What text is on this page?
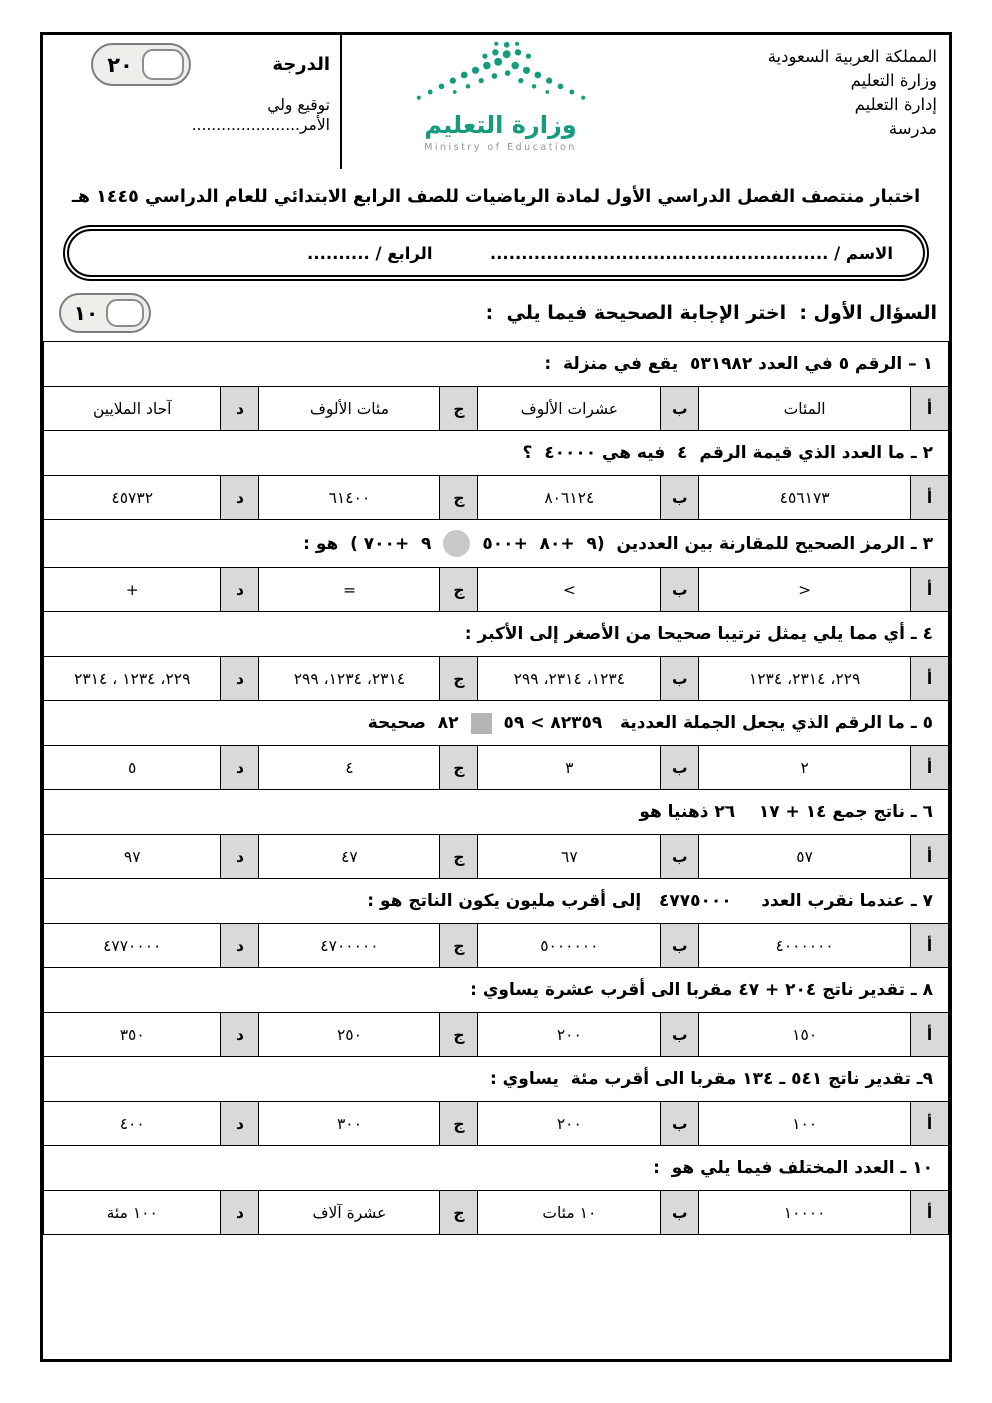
المملكة العربية السعودية
وزارة التعليم
إدارة التعليم
مدرسة
وزارة التعليم
Ministry of Education
الدرجة
٢٠
توقيع ولي
الأمر......................
اختبار منتصف الفصل الدراسي الأول لمادة الرياضيات للصف الرابع الابتدائي للعام الدراسي ١٤٤٥ هـ
الاسم / ......................................................
الرابع / ..........
السؤال الأول :  اختر الإجابة الصحيحة فيما يلي  :
١٠
١ – الرقم ٥ في العدد ٥٣١٩٨٢  يقع في منزلة  :							
أ	المئات	ب	عشرات الألوف	ج	مئات الألوف	د	آحاد الملايين
٢ ـ ما العدد الذي قيمة الرقم  ٤  فيه هي ٤٠٠٠٠  ؟							
أ	٤٥٦١٧٣	ب	٨٠٦١٢٤	ج	٦١٤٠٠	د	٤٥٧٣٢
٣ ـ الرمز الصحيح للمقارنة بين العددين  (٩  +٨٠  +٥٠٠٩  +٧٠٠ )  هو :							
أ	>	ب	<	ج	=	د	+
٤ ـ أي مما يلي يمثل ترتيبا صحيحا من الأصغر إلى الأكبر :							
أ	٢٢٩، ٢٣١٤، ١٢٣٤	ب	١٢٣٤، ٢٣١٤، ٢٩٩	ج	٢٣١٤، ١٢٣٤، ٢٩٩	د	٢٢٩، ١٢٣٤ ، ٢٣١٤
٥ ـ ما الرقم الذي يجعل الجملة العددية   ٨٢٣٥٩ > ٥٩٨٢  صحيحة							
أ	٢	ب	٣	ج	٤	د	٥
٦ ـ ناتج جمع ١٤ + ١٧    ٢٦ ذهنيا هو							
أ	٥٧	ب	٦٧	ج	٤٧	د	٩٧
٧ ـ عندما نقرب العدد     ٤٧٧٥٠٠٠   إلى أقرب مليون يكون الناتج هو :							
أ	٤٠٠٠٠٠٠	ب	٥٠٠٠٠٠٠	ج	٤٧٠٠٠٠٠	د	٤٧٧٠٠٠٠
٨ ـ تقدير ناتج ٢٠٤ + ٤٧ مقربا الى أقرب عشرة يساوي :							
أ	١٥٠	ب	٢٠٠	ج	٢٥٠	د	٣٥٠
٩ـ تقدير ناتج ٥٤١ ـ ١٣٤ مقربا الى أقرب مئة  يساوي :							
أ	١٠٠	ب	٢٠٠	ج	٣٠٠	د	٤٠٠
١٠ ـ العدد المختلف فيما يلي هو  :							
أ	١٠٠٠٠	ب	١٠ مئات	ج	عشرة آلاف	د	١٠٠ مئة
